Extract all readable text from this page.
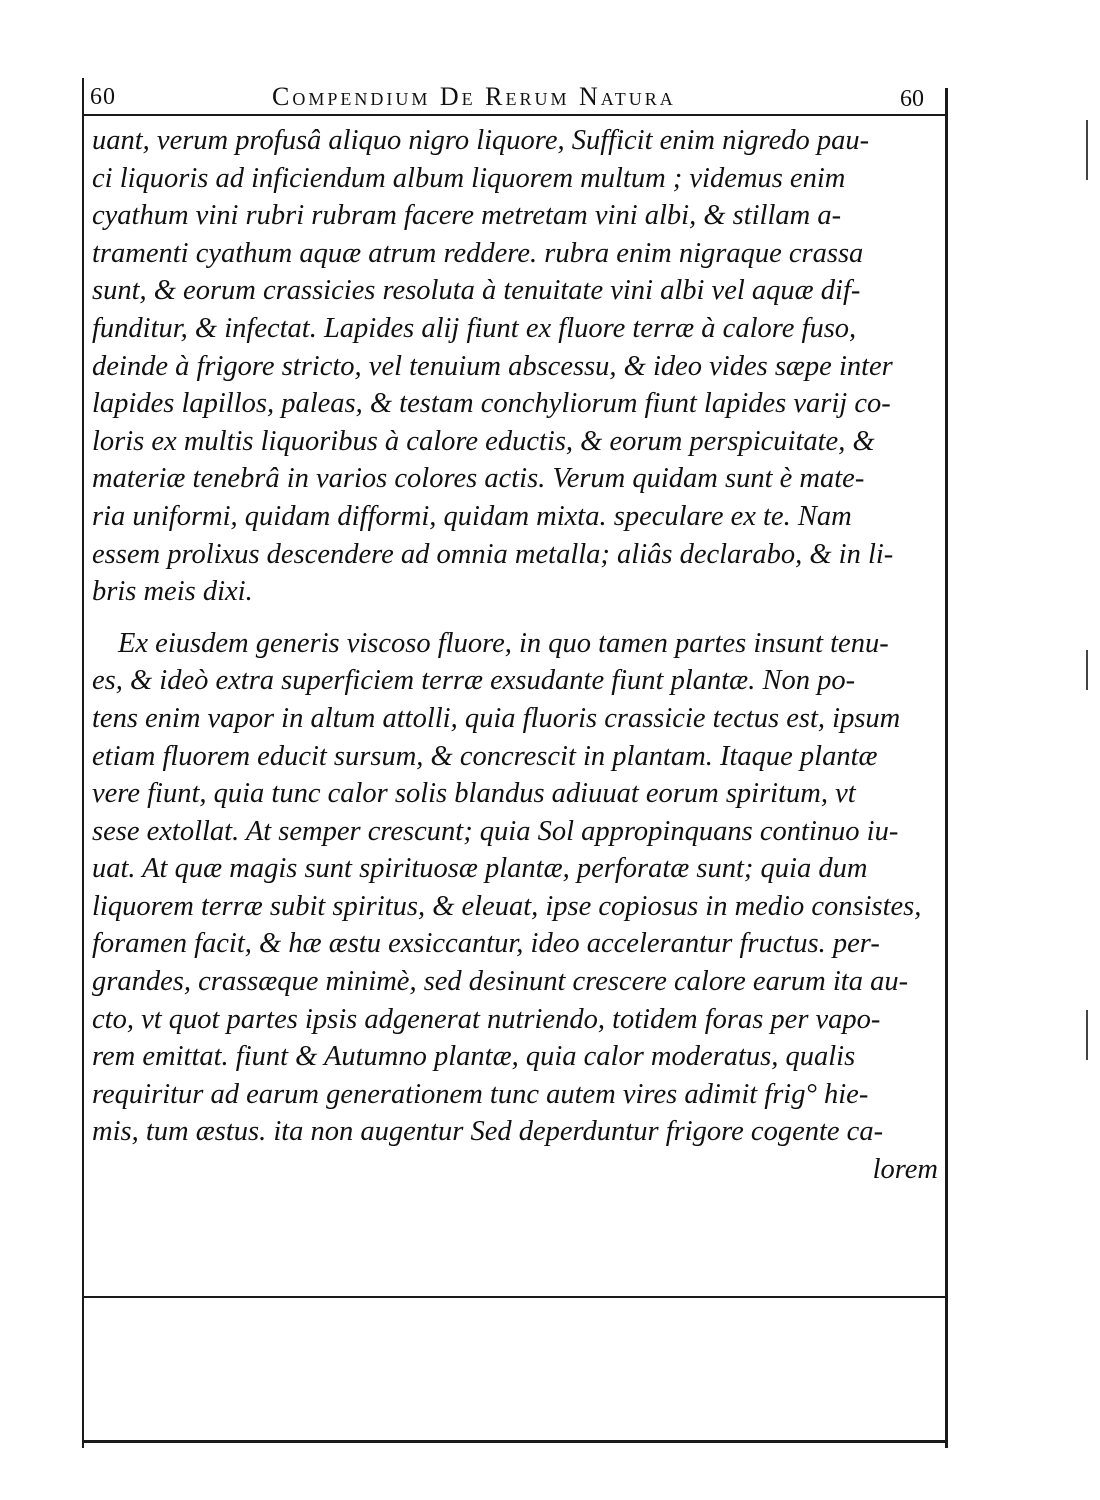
60	Compendium De Rerum Natura	60
uant, verum profusâ aliquo nigro liquore, Sufficit enim nigredo pau-
ci liquoris ad inficiendum album liquorem multum ; videmus enim
cyathum vini rubri rubram facere metretam vini albi, & stillam a-
tramenti cyathum aquæ atrum reddere. rubra enim nigraque crassa
sunt, & eorum crassicies resoluta à tenuitate vini albi vel aquæ dif-
funditur, & infectat. Lapides alij fiunt ex fluore terræ à calore fuso,
deinde à frigore stricto, vel tenuium abscessu, & ideo vides sæpe inter
lapides lapillos, paleas, & testam conchyliorum fiunt lapides varij co-
loris ex multis liquoribus à calore eductis, & eorum perspicuitate, &
materiæ tenebrâ in varios colores actis. Verum quidam sunt è mate-
ria uniformi, quidam difformi, quidam mixta. speculare ex te. Nam
essem prolixus descendere ad omnia metalla; aliâs declarabo, & in li-
bris meis dixi.
Ex eiusdem generis viscoso fluore, in quo tamen partes insunt tenu-
es, & ideò extra superficiem terræ exsudante fiunt plantæ. Non po-
tens enim vapor in altum attolli, quia fluoris crassicie tectus est, ipsum
etiam fluorem educit sursum, & concrescit in plantam. Itaque plantæ
vere fiunt, quia tunc calor solis blandus adiuuat eorum spiritum, vt
sese extollat. At semper crescunt; quia Sol appropinquans continuo iu-
uat. At quæ magis sunt spirituosæ plantæ, perforatæ sunt; quia dum
liquorem terræ subit spiritus, & eleuat, ipse copiosus in medio consistes,
foramen facit, & hæ æstu exsiccantur, ideo accelerantur fructus. per-
grandes, crassæque minimè, sed desinunt crescere calore earum ita au-
cto, vt quot partes ipsis adgenerat nutriendo, totidem foras per vapo-
rem emittat. fiunt & Autumno plantæ, quia calor moderatus, qualis
requiritur ad earum generationem tunc autem vires adimit frig° hie-
mis, tum æstus. ita non augentur Sed deperduntur frigore cogente ca-
lorem
